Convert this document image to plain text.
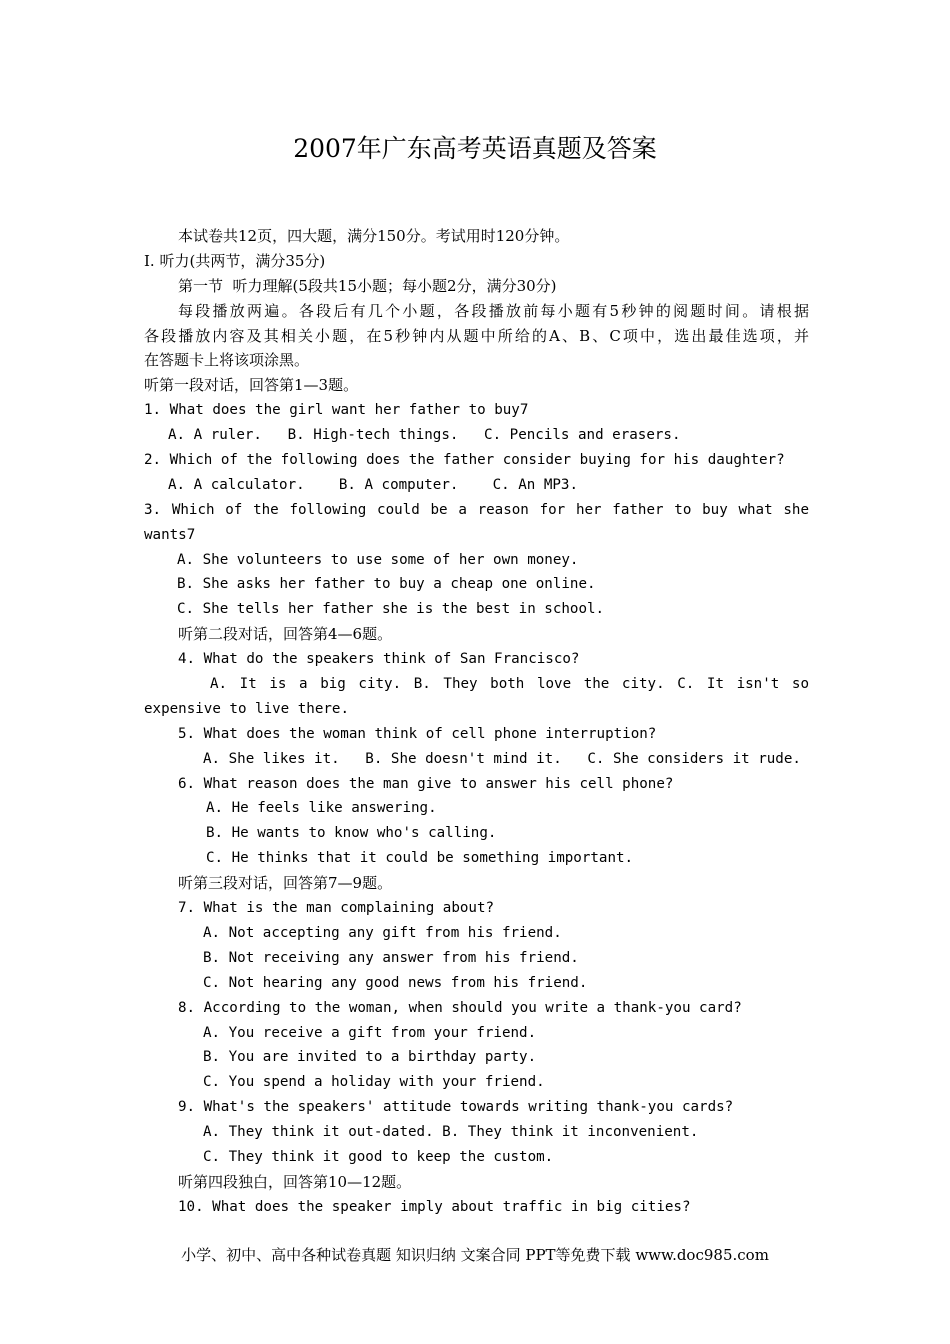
2007年广东高考英语真题及答案
本试卷共12页，四大题，满分150分。考试用时120分钟。
I. 听力(共两节，满分35分)
第一节  听力理解(5段共15小题；每小题2分，满分30分)
每段播放两遍。各段后有几个小题，各段播放前每小题有5秒钟的阅题时间。请根据
各段播放内容及其相关小题，在5秒钟内从题中所给的A、B、C项中，选出最佳选项，并
在答题卡上将该项涂黑。
听第一段对话，回答第1—3题。
1. What does the girl want her father to buy7
A. A ruler.   B. High-tech things.   C. Pencils and erasers.
2. Which of the following does the father consider buying for his daughter?
A. A calculator.    B. A computer.    C. An MP3.
3. Which of the following could be a reason for her father to buy what she
wants7
A. She volunteers to use some of her own money.
B. She asks her father to buy a cheap one online.
C. She tells her father she is the best in school.
听第二段对话，回答第4—6题。
4. What do the speakers think of San Francisco?
A. It is a big city. B. They both love the city. C. It isn't so
expensive to live there.
5. What does the woman think of cell phone interruption?
A. She likes it.   B. She doesn't mind it.   C. She considers it rude.
6. What reason does the man give to answer his cell phone?
A. He feels like answering.
B. He wants to know who's calling.
C. He thinks that it could be something important.
听第三段对话，回答第7—9题。
7. What is the man complaining about?
A. Not accepting any gift from his friend.
B. Not receiving any answer from his friend.
C. Not hearing any good news from his friend.
8. According to the woman, when should you write a thank-you card?
A. You receive a gift from your friend.
B. You are invited to a birthday party.
C. You spend a holiday with your friend.
9. What's the speakers' attitude towards writing thank-you cards?
A. They think it out-dated. B. They think it inconvenient.
C. They think it good to keep the custom.
听第四段独白，回答第10—12题。
10. What does the speaker imply about traffic in big cities?
小学、初中、高中各种试卷真题 知识归纳 文案合同 PPT等免费下载 www.doc985.com
